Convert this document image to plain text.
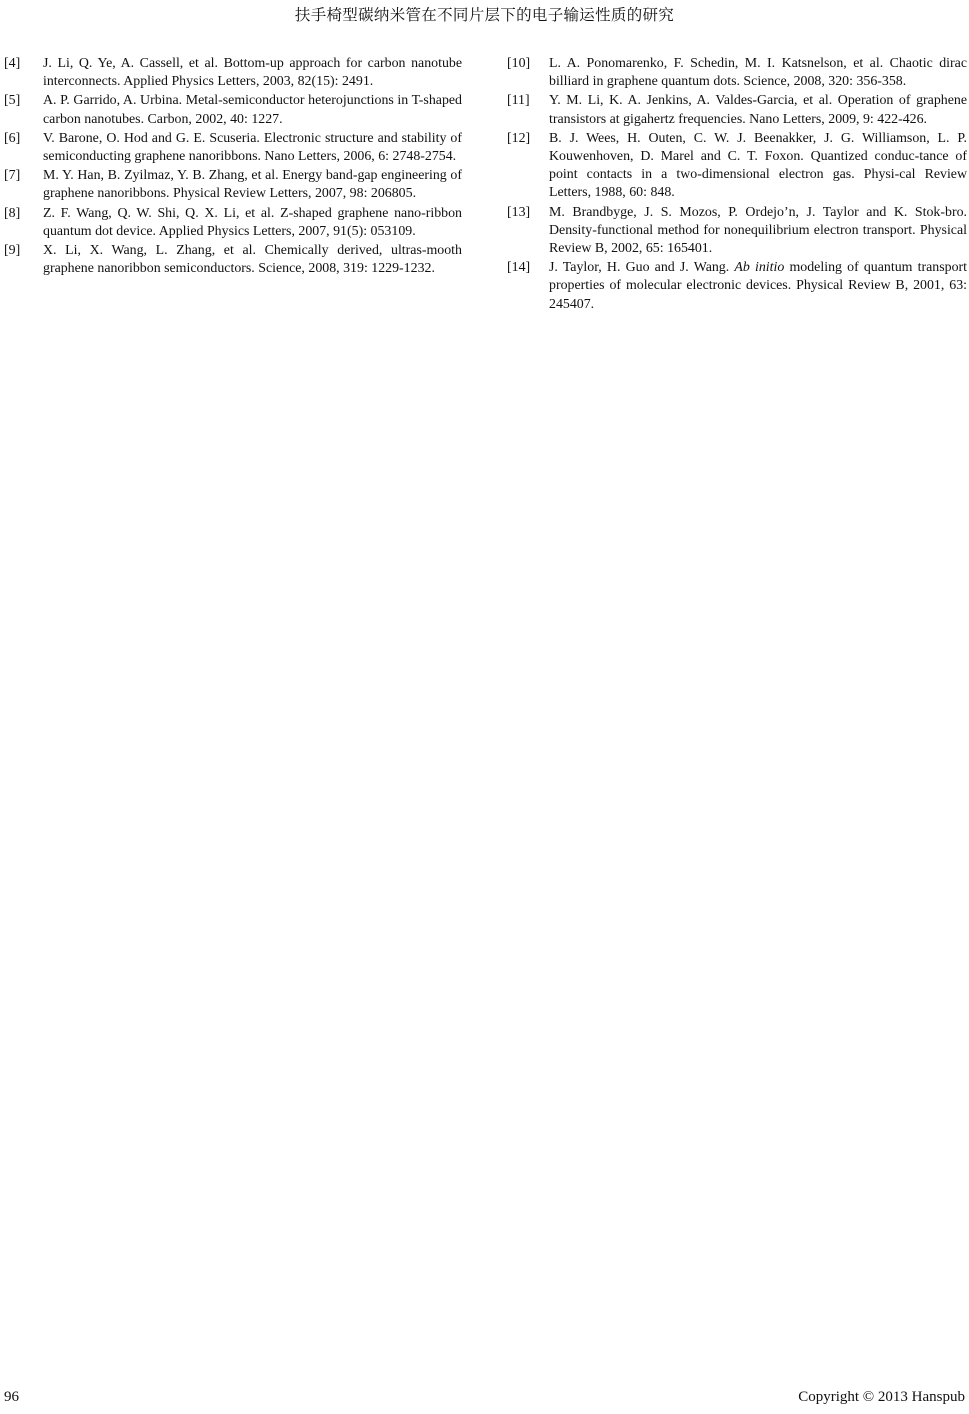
扶手椅型碳纳米管在不同片层下的电子输运性质的研究
[4]	J. Li, Q. Ye, A. Cassell, et al. Bottom-up approach for carbon nanotube interconnects. Applied Physics Letters, 2003, 82(15): 2491.
[5]	A. P. Garrido, A. Urbina. Metal-semiconductor heterojunctions in T-shaped carbon nanotubes. Carbon, 2002, 40: 1227.
[6]	V. Barone, O. Hod and G. E. Scuseria. Electronic structure and stability of semiconducting graphene nanoribbons. Nano Letters, 2006, 6: 2748-2754.
[7]	M. Y. Han, B. Zyilmaz, Y. B. Zhang, et al. Energy band-gap engineering of graphene nanoribbons. Physical Review Letters, 2007, 98: 206805.
[8]	Z. F. Wang, Q. W. Shi, Q. X. Li, et al. Z-shaped graphene nano-ribbon quantum dot device. Applied Physics Letters, 2007, 91(5): 053109.
[9]	X. Li, X. Wang, L. Zhang, et al. Chemically derived, ultras-mooth graphene nanoribbon semiconductors. Science, 2008, 319: 1229-1232.
[10]	L. A. Ponomarenko, F. Schedin, M. I. Katsnelson, et al. Chaotic dirac billiard in graphene quantum dots. Science, 2008, 320: 356-358.
[11]	Y. M. Li, K. A. Jenkins, A. Valdes-Garcia, et al. Operation of graphene transistors at gigahertz frequencies. Nano Letters, 2009, 9: 422-426.
[12]	B. J. Wees, H. Outen, C. W. J. Beenakker, J. G. Williamson, L. P. Kouwenhoven, D. Marel and C. T. Foxon. Quantized conduc-tance of point contacts in a two-dimensional electron gas. Physi-cal Review Letters, 1988, 60: 848.
[13]	M. Brandbyge, J. S. Mozos, P. Ordejo’n, J. Taylor and K. Stok-bro. Density-functional method for nonequilibrium electron transport. Physical Review B, 2002, 65: 165401.
[14]	J. Taylor, H. Guo and J. Wang. Ab initio modeling of quantum transport properties of molecular electronic devices. Physical Review B, 2001, 63: 245407.
96	Copyright © 2013 Hanspub
